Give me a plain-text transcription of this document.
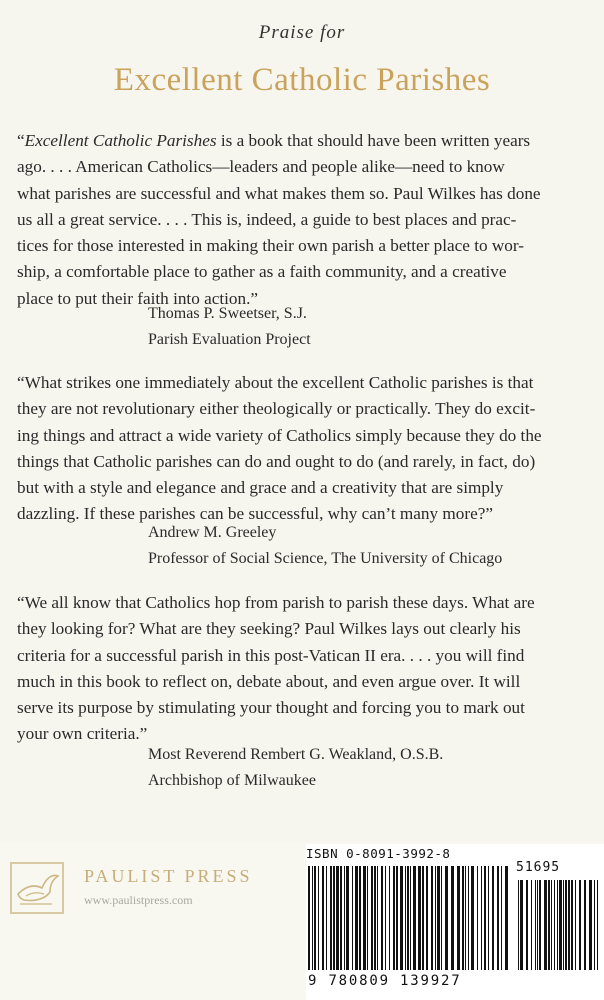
Praise for
Excellent Catholic Parishes
“Excellent Catholic Parishes is a book that should have been written years
ago. . . . American Catholics—leaders and people alike—need to know
what parishes are successful and what makes them so. Paul Wilkes has done
us all a great service. . . . This is, indeed, a guide to best places and prac-
tices for those interested in making their own parish a better place to wor-
ship, a comfortable place to gather as a faith community, and a creative
place to put their faith into action.”
Thomas P. Sweetser, S.J.
Parish Evaluation Project
“What strikes one immediately about the excellent Catholic parishes is that
they are not revolutionary either theologically or practically. They do excit-
ing things and attract a wide variety of Catholics simply because they do the
things that Catholic parishes can do and ought to do (and rarely, in fact, do)
but with a style and elegance and grace and a creativity that are simply
dazzling. If these parishes can be successful, why can’t many more?”
Andrew M. Greeley
Professor of Social Science, The University of Chicago
“We all know that Catholics hop from parish to parish these days. What are
they looking for? What are they seeking? Paul Wilkes lays out clearly his
criteria for a successful parish in this post-Vatican II era. . . . you will find
much in this book to reflect on, debate about, and even argue over. It will
serve its purpose by stimulating your thought and forcing you to mark out
your own criteria.”
Most Reverend Rembert G. Weakland, O.S.B.
Archbishop of Milwaukee
PAULIST PRESS
www.paulistpress.com
ISBN 0-8091-3992-8
51695
9 780809 139927
